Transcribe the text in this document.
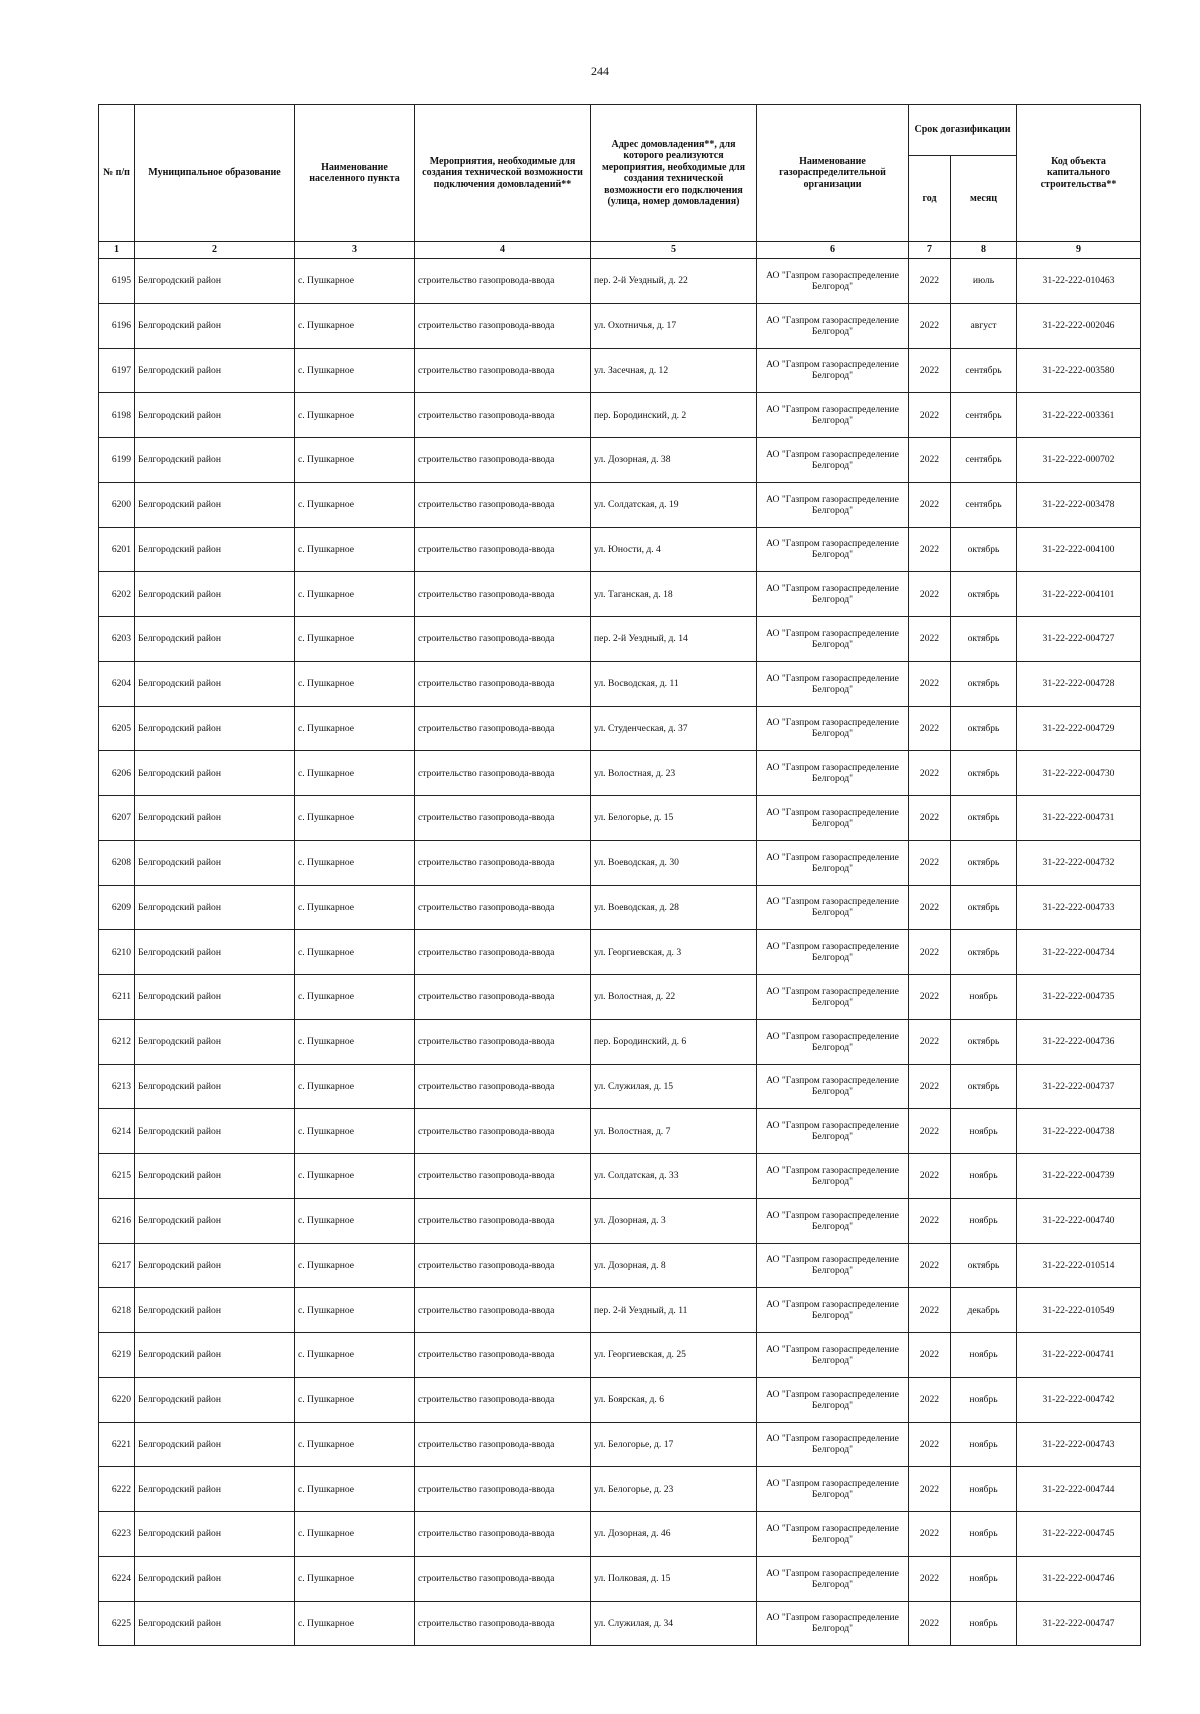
244
№ п/п	Муниципальное образование	Наименование населенного пункта	Мероприятия, необходимые для создания технической возможности подключения домовладений**	Адрес домовладения**, для которого реализуются мероприятия, необходимые для создания технической возможности его подключения (улица, номер домовладения)	Наименование газораспределительной организации	Срок догазификации		Код объекта капитального строительства**
						год	месяц	
1	2	3	4	5	6	7	8	9
6195	Белгородский район	с. Пушкарное	строительство газопровода-ввода	пер. 2-й Уездный, д. 22	АО "Газпром газораспределение Белгород"	2022	июль	31-22-222-010463
6196	Белгородский район	с. Пушкарное	строительство газопровода-ввода	ул. Охотничья, д. 17	АО "Газпром газораспределение Белгород"	2022	август	31-22-222-002046
6197	Белгородский район	с. Пушкарное	строительство газопровода-ввода	ул. Засечная, д. 12	АО "Газпром газораспределение Белгород"	2022	сентябрь	31-22-222-003580
6198	Белгородский район	с. Пушкарное	строительство газопровода-ввода	пер. Бородинский, д. 2	АО "Газпром газораспределение Белгород"	2022	сентябрь	31-22-222-003361
6199	Белгородский район	с. Пушкарное	строительство газопровода-ввода	ул. Дозорная, д. 38	АО "Газпром газораспределение Белгород"	2022	сентябрь	31-22-222-000702
6200	Белгородский район	с. Пушкарное	строительство газопровода-ввода	ул. Солдатская, д. 19	АО "Газпром газораспределение Белгород"	2022	сентябрь	31-22-222-003478
6201	Белгородский район	с. Пушкарное	строительство газопровода-ввода	ул. Юности, д. 4	АО "Газпром газораспределение Белгород"	2022	октябрь	31-22-222-004100
6202	Белгородский район	с. Пушкарное	строительство газопровода-ввода	ул. Таганская, д. 18	АО "Газпром газораспределение Белгород"	2022	октябрь	31-22-222-004101
6203	Белгородский район	с. Пушкарное	строительство газопровода-ввода	пер. 2-й Уездный, д. 14	АО "Газпром газораспределение Белгород"	2022	октябрь	31-22-222-004727
6204	Белгородский район	с. Пушкарное	строительство газопровода-ввода	ул. Восводская, д. 11	АО "Газпром газораспределение Белгород"	2022	октябрь	31-22-222-004728
6205	Белгородский район	с. Пушкарное	строительство газопровода-ввода	ул. Студенческая, д. 37	АО "Газпром газораспределение Белгород"	2022	октябрь	31-22-222-004729
6206	Белгородский район	с. Пушкарное	строительство газопровода-ввода	ул. Волостная, д. 23	АО "Газпром газораспределение Белгород"	2022	октябрь	31-22-222-004730
6207	Белгородский район	с. Пушкарное	строительство газопровода-ввода	ул. Белогорье, д. 15	АО "Газпром газораспределение Белгород"	2022	октябрь	31-22-222-004731
6208	Белгородский район	с. Пушкарное	строительство газопровода-ввода	ул. Воеводская, д. 30	АО "Газпром газораспределение Белгород"	2022	октябрь	31-22-222-004732
6209	Белгородский район	с. Пушкарное	строительство газопровода-ввода	ул. Воеводская, д. 28	АО "Газпром газораспределение Белгород"	2022	октябрь	31-22-222-004733
6210	Белгородский район	с. Пушкарное	строительство газопровода-ввода	ул. Георгиевская, д. 3	АО "Газпром газораспределение Белгород"	2022	октябрь	31-22-222-004734
6211	Белгородский район	с. Пушкарное	строительство газопровода-ввода	ул. Волостная, д. 22	АО "Газпром газораспределение Белгород"	2022	ноябрь	31-22-222-004735
6212	Белгородский район	с. Пушкарное	строительство газопровода-ввода	пер. Бородинский, д. 6	АО "Газпром газораспределение Белгород"	2022	октябрь	31-22-222-004736
6213	Белгородский район	с. Пушкарное	строительство газопровода-ввода	ул. Служилая, д. 15	АО "Газпром газораспределение Белгород"	2022	октябрь	31-22-222-004737
6214	Белгородский район	с. Пушкарное	строительство газопровода-ввода	ул. Волостная, д. 7	АО "Газпром газораспределение Белгород"	2022	ноябрь	31-22-222-004738
6215	Белгородский район	с. Пушкарное	строительство газопровода-ввода	ул. Солдатская, д. 33	АО "Газпром газораспределение Белгород"	2022	ноябрь	31-22-222-004739
6216	Белгородский район	с. Пушкарное	строительство газопровода-ввода	ул. Дозорная, д. 3	АО "Газпром газораспределение Белгород"	2022	ноябрь	31-22-222-004740
6217	Белгородский район	с. Пушкарное	строительство газопровода-ввода	ул. Дозорная, д. 8	АО "Газпром газораспределение Белгород"	2022	октябрь	31-22-222-010514
6218	Белгородский район	с. Пушкарное	строительство газопровода-ввода	пер. 2-й Уездный, д. 11	АО "Газпром газораспределение Белгород"	2022	декабрь	31-22-222-010549
6219	Белгородский район	с. Пушкарное	строительство газопровода-ввода	ул. Георгиевская, д. 25	АО "Газпром газораспределение Белгород"	2022	ноябрь	31-22-222-004741
6220	Белгородский район	с. Пушкарное	строительство газопровода-ввода	ул. Боярская, д. 6	АО "Газпром газораспределение Белгород"	2022	ноябрь	31-22-222-004742
6221	Белгородский район	с. Пушкарное	строительство газопровода-ввода	ул. Белогорье, д. 17	АО "Газпром газораспределение Белгород"	2022	ноябрь	31-22-222-004743
6222	Белгородский район	с. Пушкарное	строительство газопровода-ввода	ул. Белогорье, д. 23	АО "Газпром газораспределение Белгород"	2022	ноябрь	31-22-222-004744
6223	Белгородский район	с. Пушкарное	строительство газопровода-ввода	ул. Дозорная, д. 46	АО "Газпром газораспределение Белгород"	2022	ноябрь	31-22-222-004745
6224	Белгородский район	с. Пушкарное	строительство газопровода-ввода	ул. Полковая, д. 15	АО "Газпром газораспределение Белгород"	2022	ноябрь	31-22-222-004746
6225	Белгородский район	с. Пушкарное	строительство газопровода-ввода	ул. Служилая, д. 34	АО "Газпром газораспределение Белгород"	2022	ноябрь	31-22-222-004747
